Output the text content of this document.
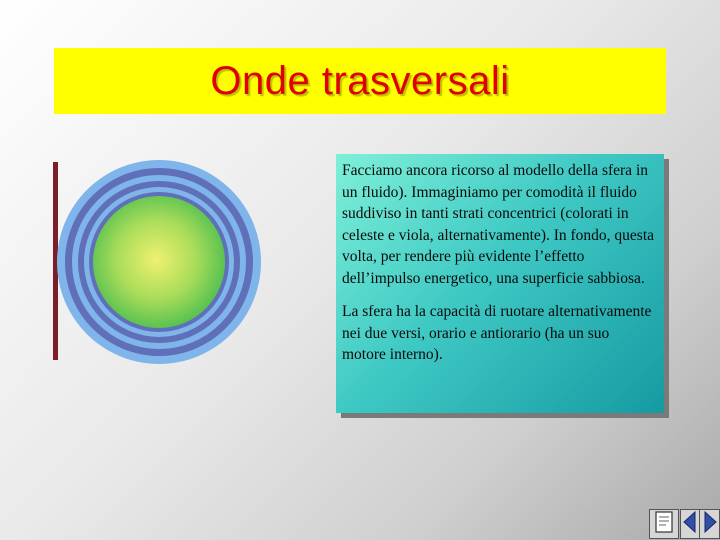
Onde trasversali

Facciamo ancora ricorso al modello della sfera in un fluido). Immaginiamo per comodità il fluido suddiviso in tanti strati concentrici (colorati in celeste e viola, alternativamente). In fondo, questa volta, per rendere più evidente l’effetto dell’impulso energetico, una superficie sabbiosa.

La sfera ha la capacità di ruotare alternativamente nei due versi, orario e antiorario (ha un suo motore interno).
